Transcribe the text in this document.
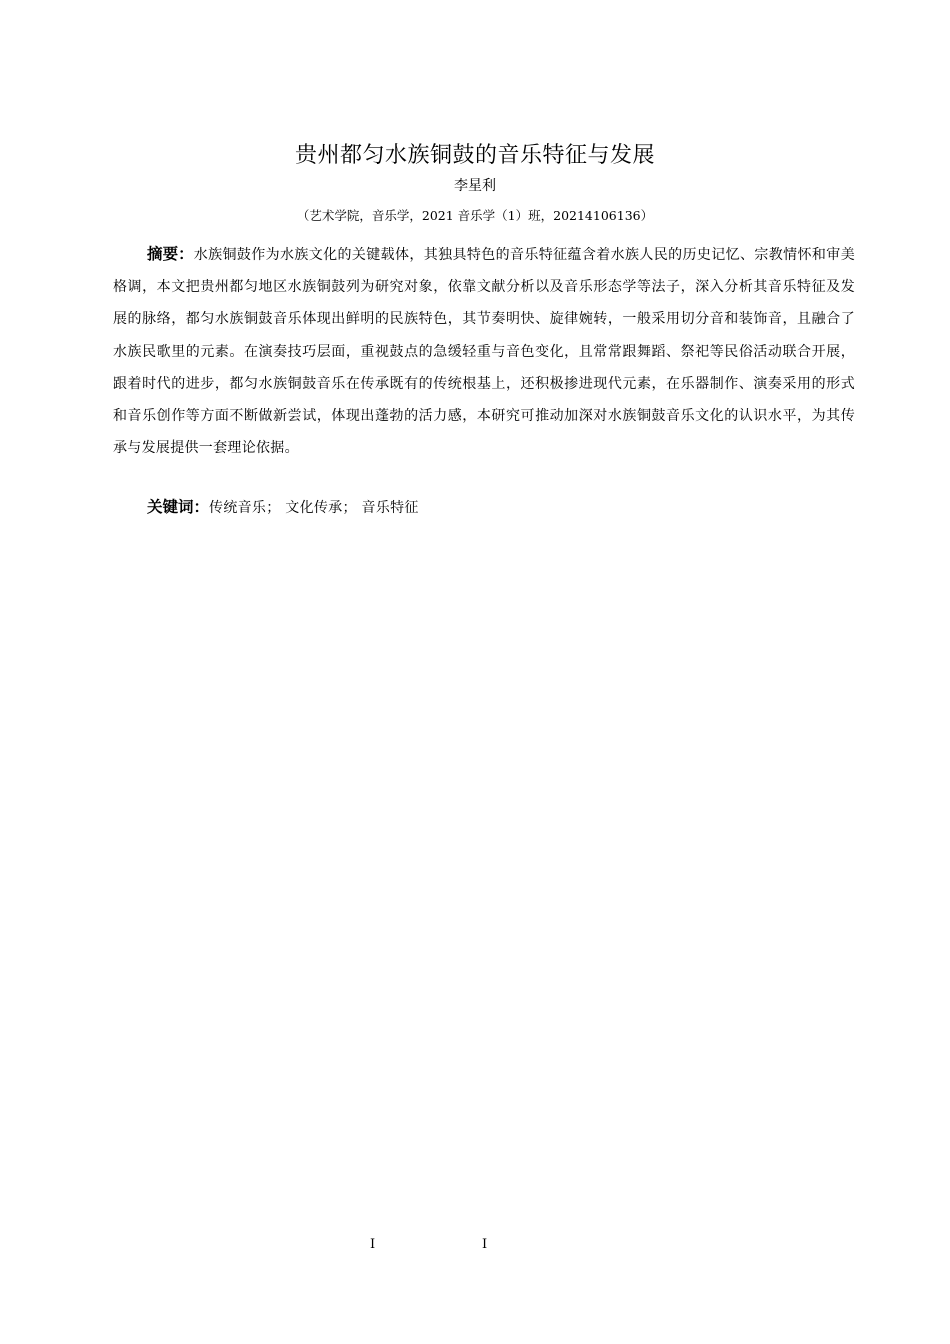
贵州都匀水族铜鼓的音乐特征与发展
李星利
（艺术学院，音乐学，2021 音乐学（1）班，20214106136）

摘要：水族铜鼓作为水族文化的关键载体，其独具特色的音乐特征蕴含着水族人民的历史记忆、宗教情怀和审美格调，本文把贵州都匀地区水族铜鼓列为研究对象，依靠文献分析以及音乐形态学等法子，深入分析其音乐特征及发展的脉络，都匀水族铜鼓音乐体现出鲜明的民族特色，其节奏明快、旋律婉转，一般采用切分音和装饰音，且融合了水族民歌里的元素。在演奏技巧层面，重视鼓点的急缓轻重与音色变化，且常常跟舞蹈、祭祀等民俗活动联合开展，跟着时代的进步，都匀水族铜鼓音乐在传承既有的传统根基上，还积极掺进现代元素，在乐器制作、演奏采用的形式和音乐创作等方面不断做新尝试，体现出蓬勃的活力感，本研究可推动加深对水族铜鼓音乐文化的认识水平，为其传承与发展提供一套理论依据。

关键词：传统音乐； 文化传承； 音乐特征

I	I
